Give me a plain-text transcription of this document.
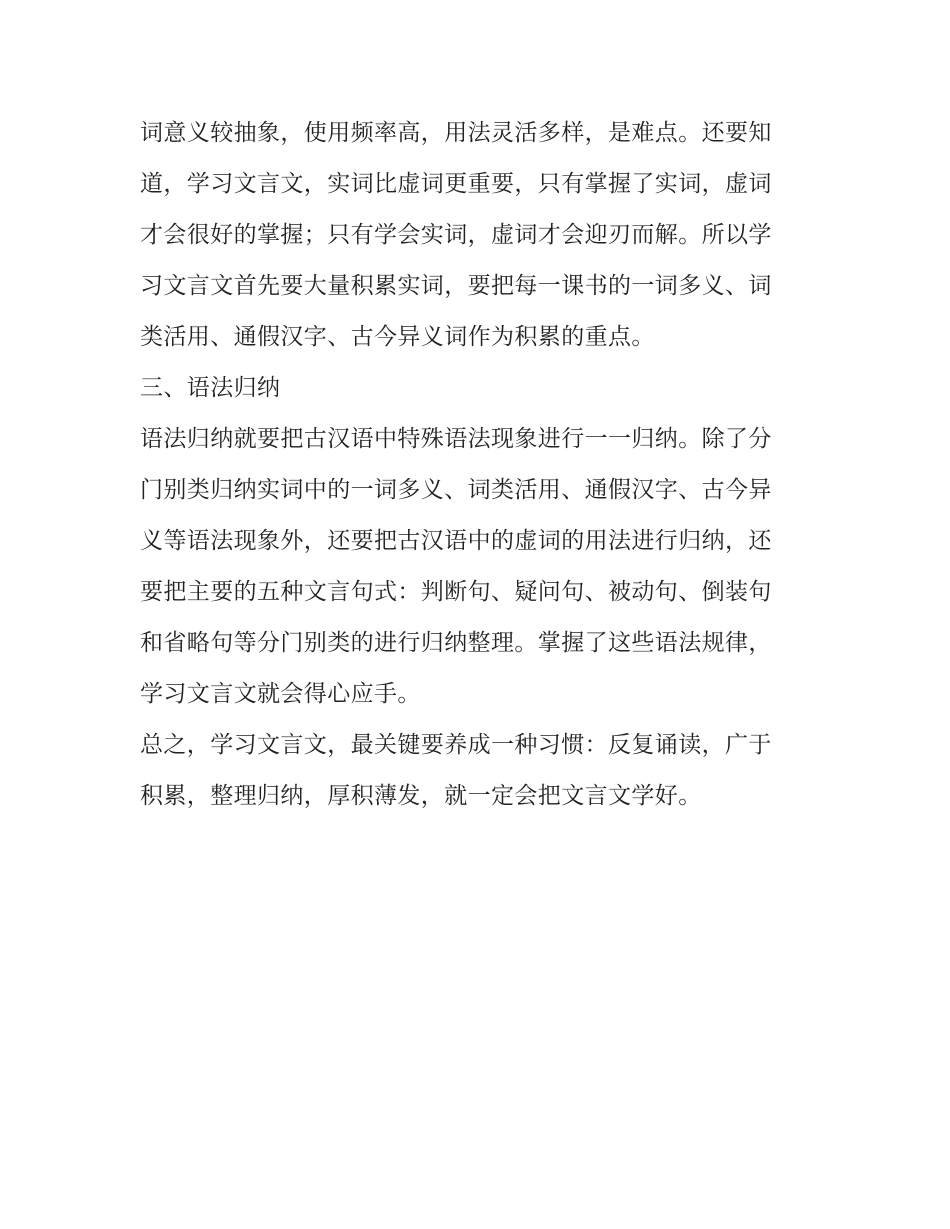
词意义较抽象，使用频率高，用法灵活多样，是难点。还要知
道，学习文言文，实词比虚词更重要，只有掌握了实词，虚词
才会很好的掌握；只有学会实词，虚词才会迎刃而解。所以学
习文言文首先要大量积累实词，要把每一课书的一词多义、词
类活用、通假汉字、古今异义词作为积累的重点。
三、语法归纳
语法归纳就要把古汉语中特殊语法现象进行一一归纳。除了分
门别类归纳实词中的一词多义、词类活用、通假汉字、古今异
义等语法现象外，还要把古汉语中的虚词的用法进行归纳，还
要把主要的五种文言句式：判断句、疑问句、被动句、倒装句
和省略句等分门别类的进行归纳整理。掌握了这些语法规律，
学习文言文就会得心应手。
总之，学习文言文，最关键要养成一种习惯：反复诵读，广于
积累，整理归纳，厚积薄发，就一定会把文言文学好。
